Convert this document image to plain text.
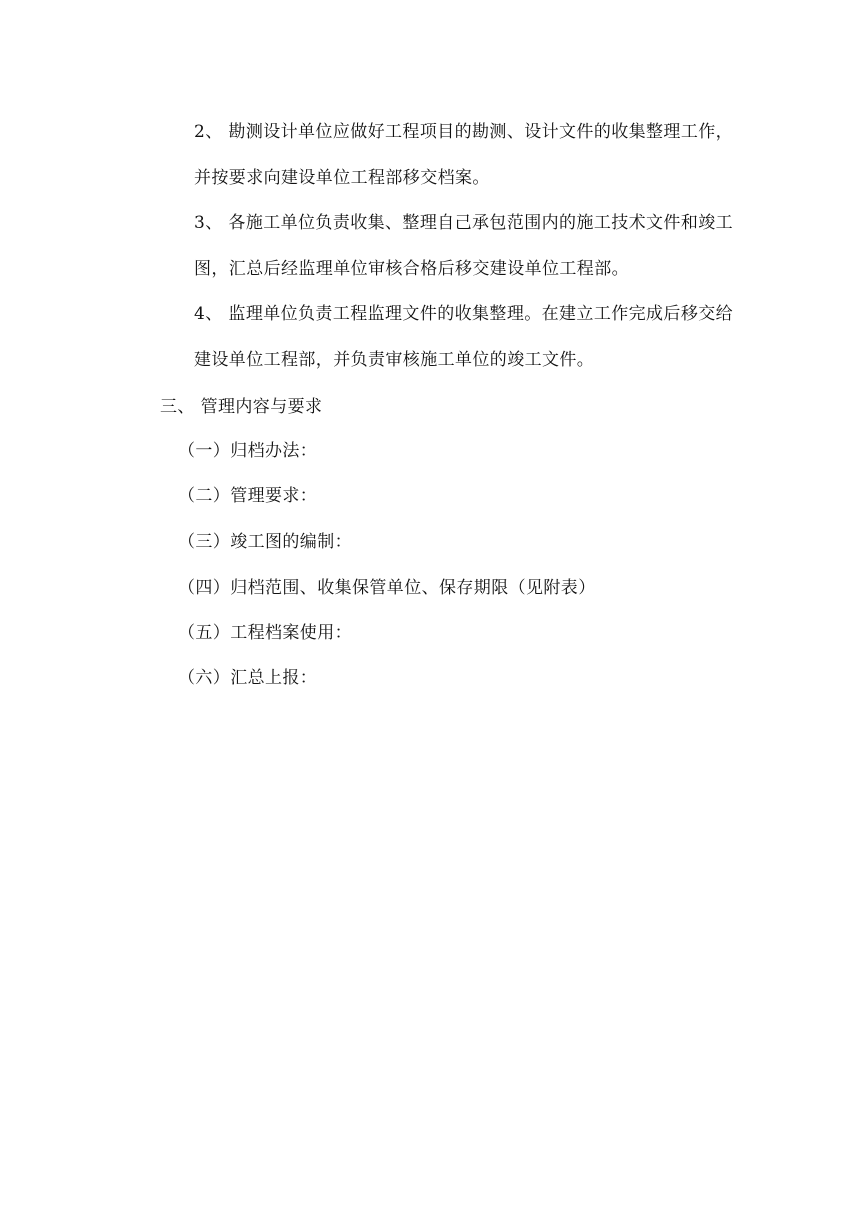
2、 勘测设计单位应做好工程项目的勘测、设计文件的收集整理工作，
并按要求向建设单位工程部移交档案。
3、 各施工单位负责收集、整理自己承包范围内的施工技术文件和竣工
图，汇总后经监理单位审核合格后移交建设单位工程部。
4、 监理单位负责工程监理文件的收集整理。在建立工作完成后移交给
建设单位工程部，并负责审核施工单位的竣工文件。
三、 管理内容与要求
（一）归档办法：
（二）管理要求：
（三）竣工图的编制：
（四）归档范围、收集保管单位、保存期限（见附表）
（五）工程档案使用：
（六）汇总上报：
